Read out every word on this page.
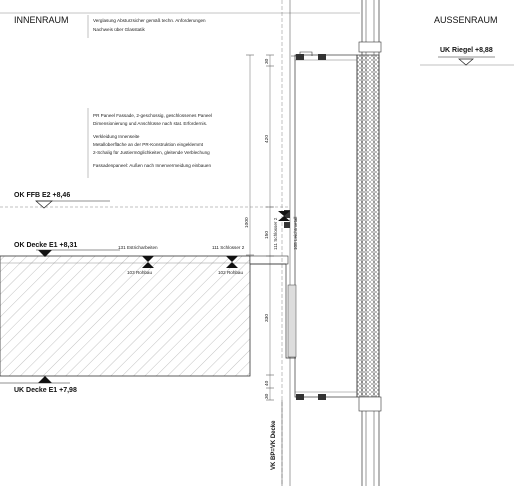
INNENRAUM	AUSSENRAUM
Verglasung Absturzsicher gemäß techn. Anforderungen
Nachweis über Glasstatik
PR Paneel Fassade, 2-geschossig, geschlossenes Paneel
Dimensionierung und Anschlüsse nach stat. Erfordernis.
Verkleidung Innenseite
Metalloberfläche an der PR-Konstruktion eingeklemmt
2-Schalig für Justiermöglichkeiten, gleitende Verblechung
Fassadenpaneel: Außen nach Innenvermeidung einbauen
OK FFB E2 +8,46
OK Decke E1 +8,31
UK Decke E1 +7,98
UK Riegel +8,88
131 Estricharbeiten
103 Rohbau
111 Schlosser 2
102 Rohbau
111 Schlosser 2	108 Leichtmetall
30
420
150
1000
330
40
30
VK BP=VK Decke
